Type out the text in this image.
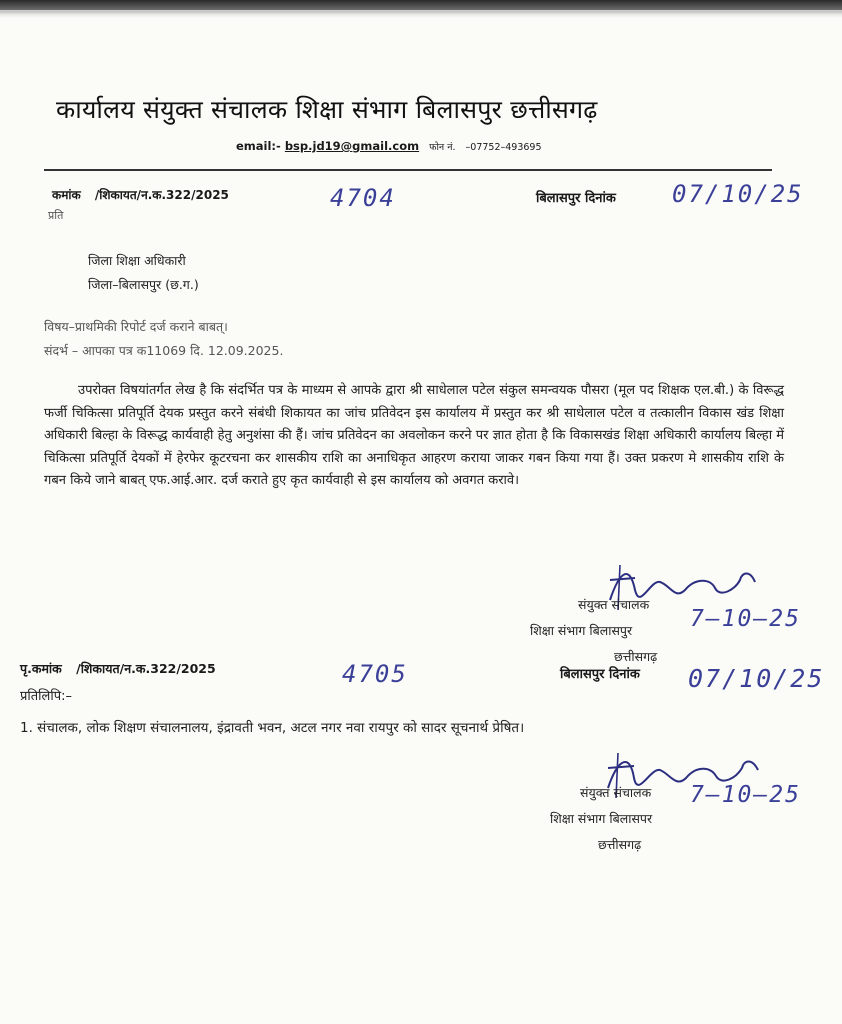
कार्यालय संयुक्त संचालक शिक्षा संभाग बिलासपुर छत्तीसगढ़
email:- bsp.jd19@gmail.com फोन नं. –07752–493695
कमांक /शिकायत/न.क.322/2025	4704	बिलासपुर दिनांक 07/10/25
प्रति
जिला शिक्षा अधिकारी
जिला–बिलासपुर (छ.ग.)
विषय–प्राथमिकी रिपोर्ट दर्ज कराने बाबत्।
संदर्भ – आपका पत्र क11069 दि. 12.09.2025.

उपरोक्त विषयांतर्गत लेख है कि संदर्भित पत्र के माध्यम से आपके द्वारा श्री साधेलाल पटेल संकुल समन्वयक पौसरा (मूल पद शिक्षक एल.बी.) के विरूद्ध फर्जी चिकित्सा प्रतिपूर्ति देयक प्रस्तुत करने संबंधी शिकायत का जांच प्रतिवेदन इस कार्यालय में प्रस्तुत कर श्री साधेलाल पटेल व तत्कालीन विकास खंड शिक्षा अधिकारी बिल्हा के विरूद्ध कार्यवाही हेतु अनुशंसा की हैं। जांच प्रतिवेदन का अवलोकन करने पर ज्ञात होता है कि विकासखंड शिक्षा अधिकारी कार्यालय बिल्हा में चिकित्सा प्रतिपूर्ति देयकों में हेरफेर कूटरचना कर शासकीय राशि का अनाधिकृत आहरण कराया जाकर गबन किया गया हैं। उक्त प्रकरण मे शासकीय राशि के गबन किये जाने बाबत् एफ.आई.आर. दर्ज कराते हुए कृत कार्यवाही से इस कार्यालय को अवगत करावे।

संयुक्त संचालक
7–10–25
शिक्षा संभाग बिलासपुर
छत्तीसगढ़
पृ.कमांक /शिकायत/न.क.322/2025	4705	बिलासपुर दिनांक 07/10/25
प्रतिलिपि:–
1. संचालक, लोक शिक्षण संचालनालय, इंद्रावती भवन, अटल नगर नवा रायपुर को सादर सूचनार्थ प्रेषित।
संयुक्त संचालक 7–10–25
शिक्षा संभाग बिलासपर
छत्तीसगढ़
